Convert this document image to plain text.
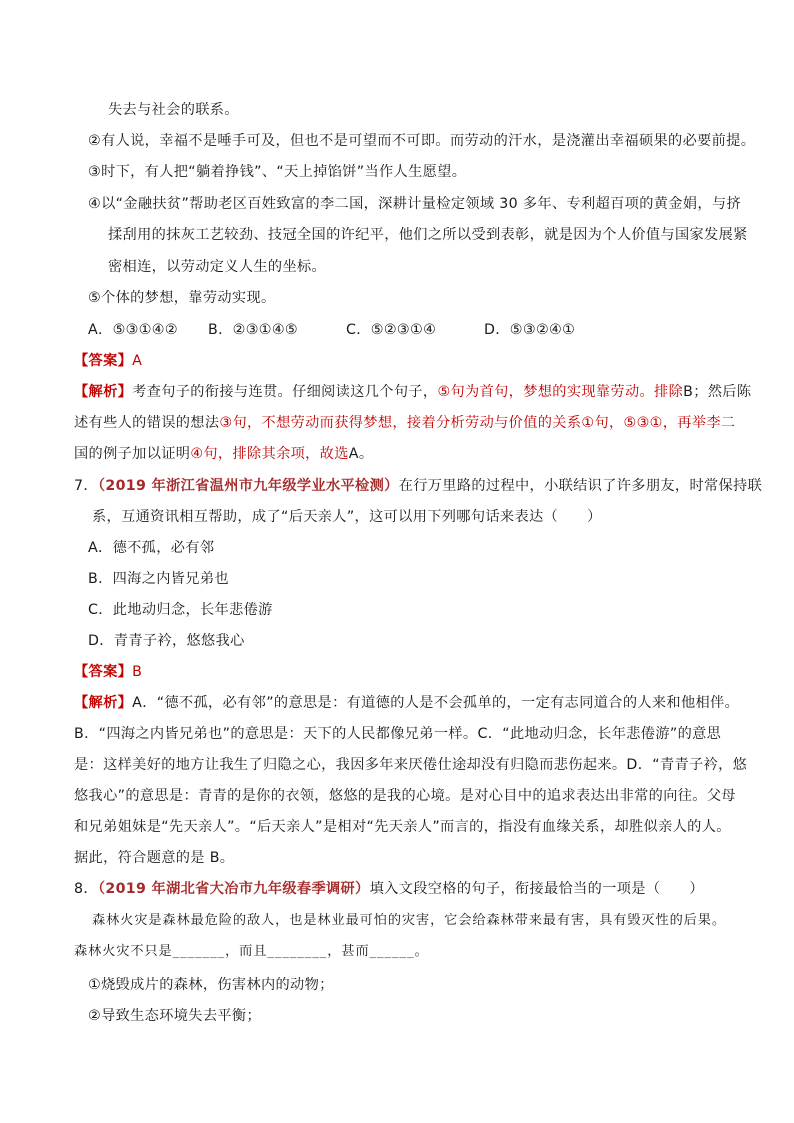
失去与社会的联系。
②有人说，幸福不是唾手可及，但也不是可望而不可即。而劳动的汗水，是浇灌出幸福硕果的必要前提。
③时下，有人把“躺着挣钱”、“天上掉馅饼”当作人生愿望。
④以“金融扶贫”帮助老区百姓致富的李二国，深耕计量检定领域 30 多年、专利超百项的黄金娟，与挤
揉刮用的抹灰工艺较劲、技冠全国的许纪平，他们之所以受到表彰，就是因为个人价值与国家发展紧
密相连，以劳动定义人生的坐标。
⑤个体的梦想，靠劳动实现。
A．⑤③①④② B．②③①④⑤	C．⑤②③①④	D．⑤③②④①
【答案】A
【解析】考查句子的衔接与连贯。仔细阅读这几个句子，⑤句为首句，梦想的实现靠劳动。排除B；然后陈
述有些人的错误的想法③句，不想劳动而获得梦想，接着分析劳动与价值的关系①句，⑤③①，再举李二
国的例子加以证明④句，排除其余项，故选A。
7．（2019 年浙江省温州市九年级学业水平检测）在行万里路的过程中，小联结识了许多朋友，时常保持联
系，互通资讯相互帮助，成了“后天亲人”，这可以用下列哪句话来表达（　　）
A．德不孤，必有邻
B．四海之内皆兄弟也
C．此地动归念，长年悲倦游
D．青青子衿，悠悠我心
【答案】B
【解析】A．“德不孤，必有邻”的意思是：有道德的人是不会孤单的，一定有志同道合的人来和他相伴。
B．“四海之内皆兄弟也”的意思是：天下的人民都像兄弟一样。C．“此地动归念，长年悲倦游”的意思
是：这样美好的地方让我生了归隐之心，我因多年来厌倦仕途却没有归隐而悲伤起来。D．“青青子衿，悠
悠我心”的意思是：青青的是你的衣领，悠悠的是我的心境。是对心目中的追求表达出非常的向往。父母
和兄弟姐妹是“先天亲人”。“后天亲人”是相对“先天亲人”而言的，指没有血缘关系，却胜似亲人的人。
据此，符合题意的是 B。
8．（2019 年湖北省大冶市九年级春季调研）填入文段空格的句子，衔接最恰当的一项是（　　）
森林火灾是森林最危险的敌人，也是林业最可怕的灾害，它会给森林带来最有害，具有毁灭性的后果。
森林火灾不只是_______，而且________，甚而______。
①烧毁成片的森林，伤害林内的动物；
②导致生态环境失去平衡；
